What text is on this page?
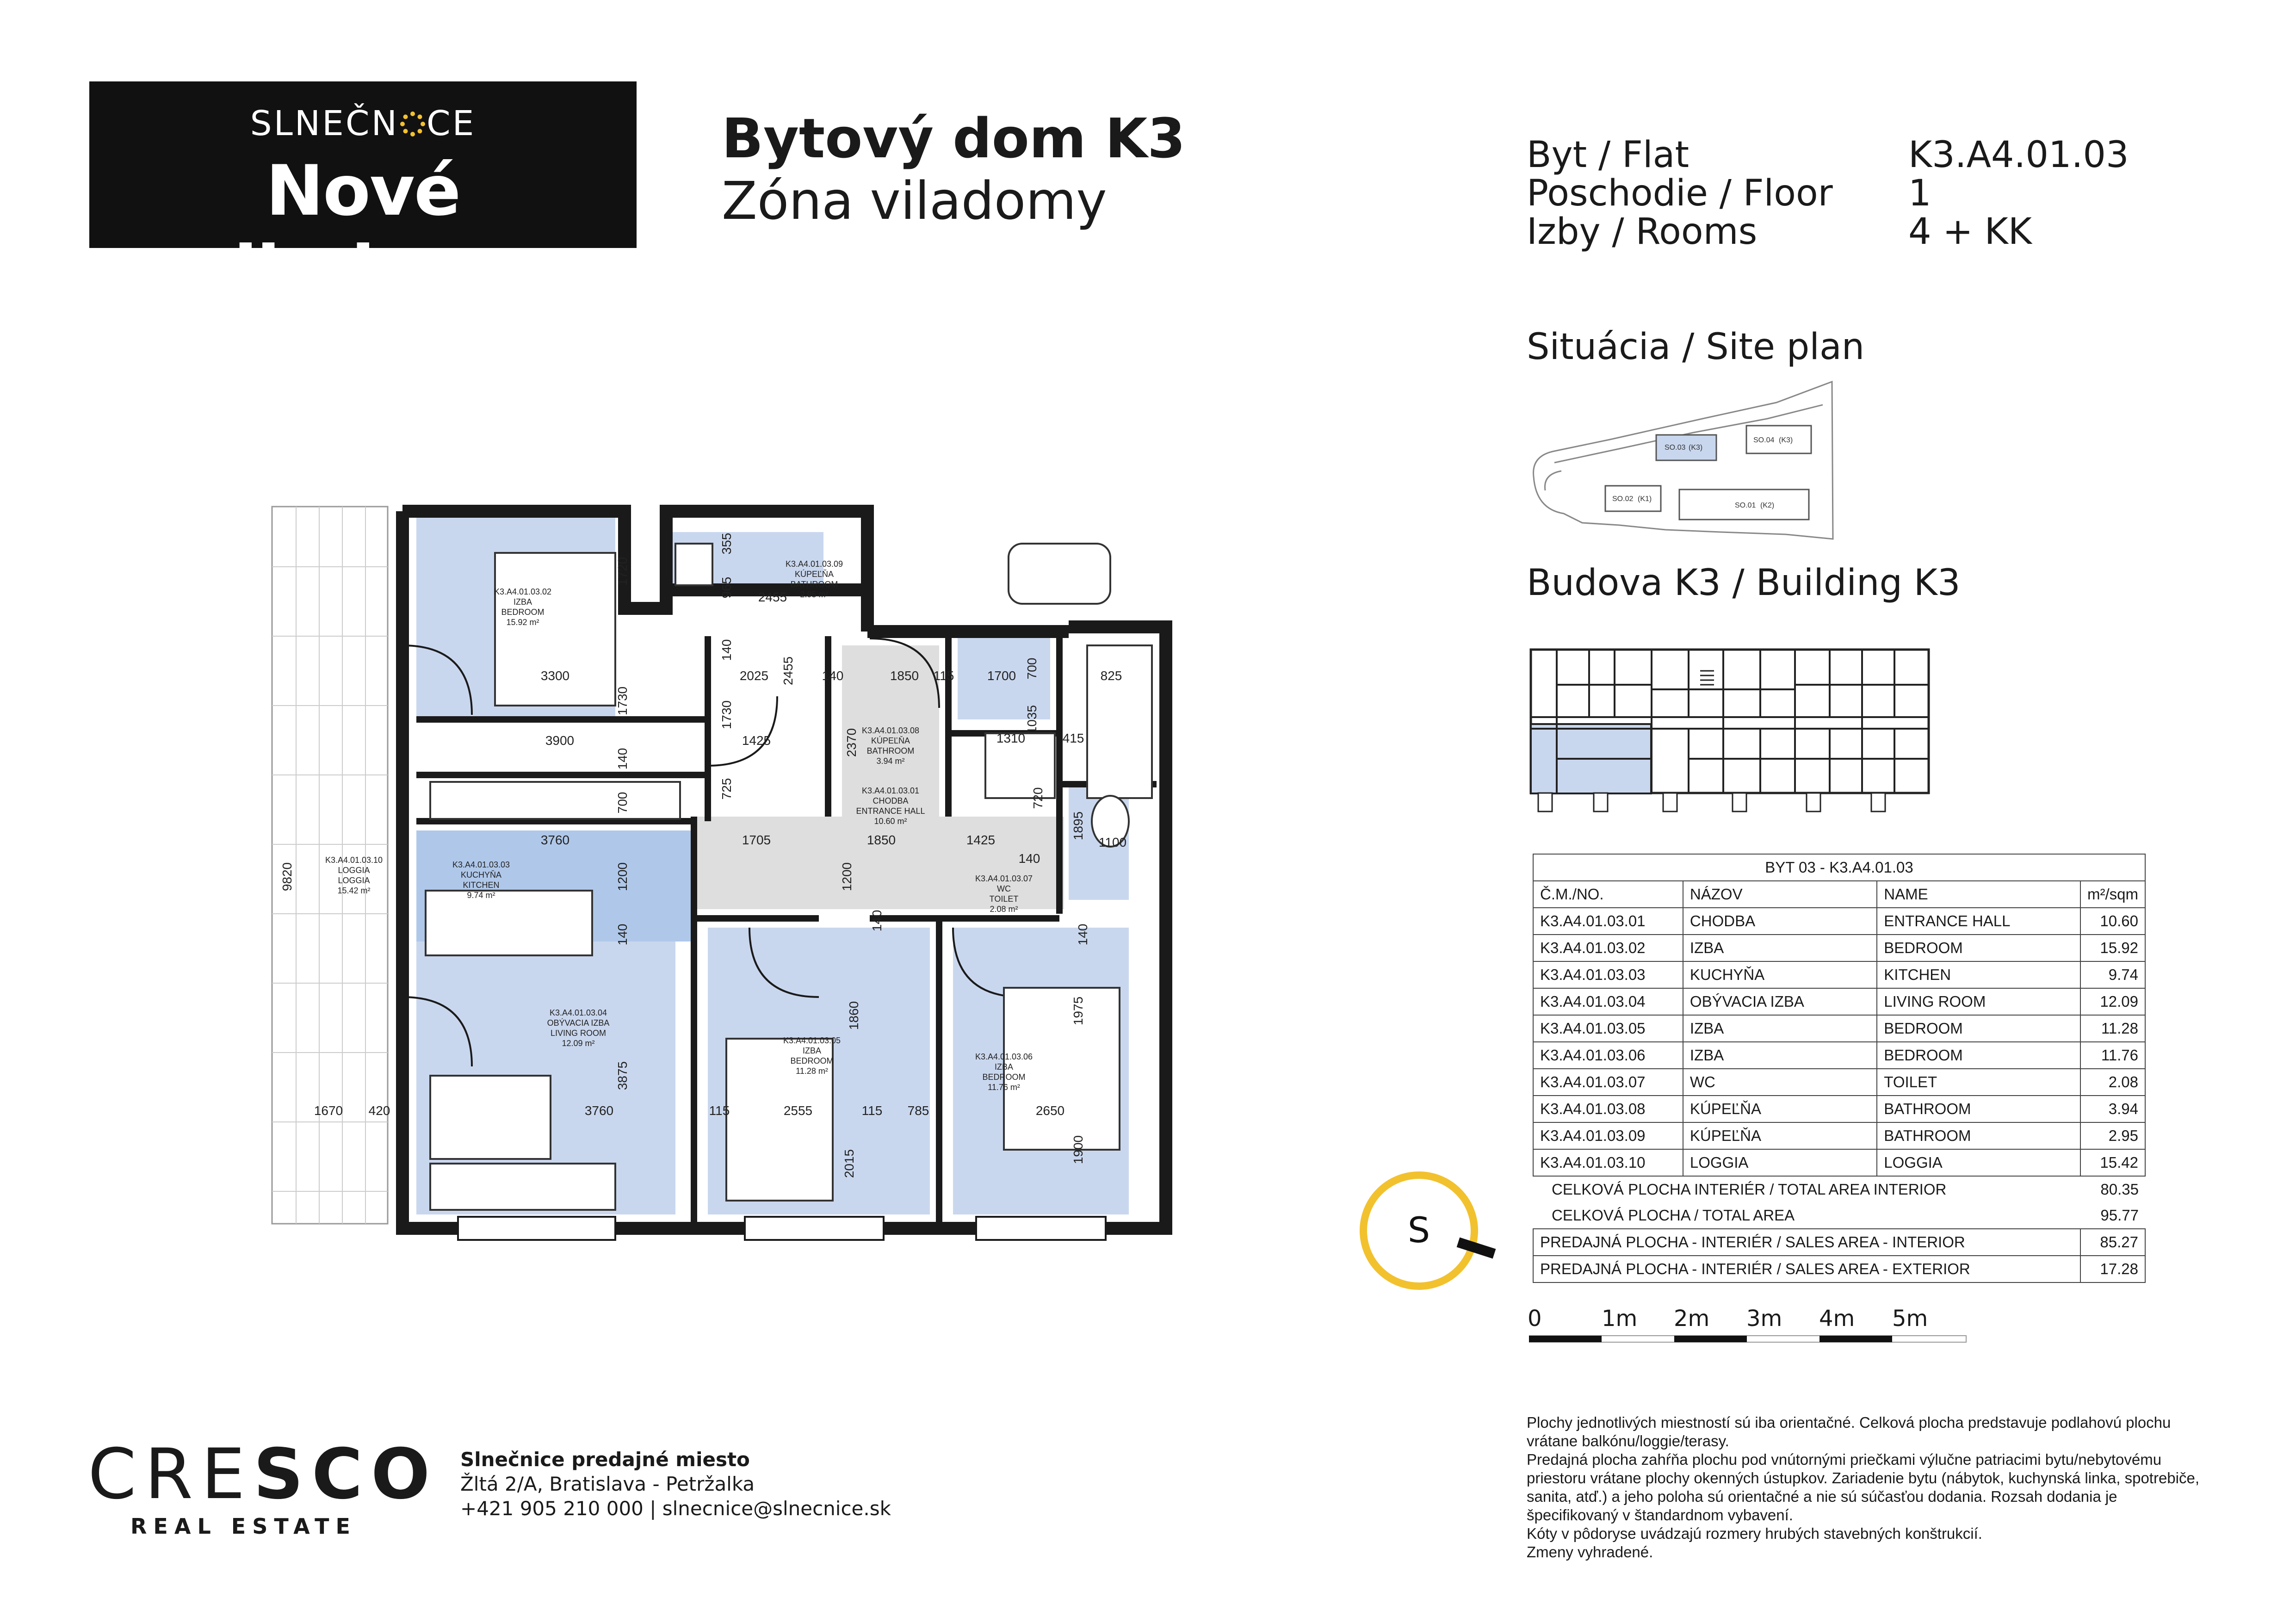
SLNEČN CE
Nové viladomy
Bytový dom K3
Zóna viladomy
Byt / Flat	K3.A4.01.03
Poschodie / Floor 1
Izby / Rooms	4 + KK
Situácia / Site plan
SO.03 (K3)
SO.04 (K3)
SO.02 (K1)
SO.01 (K2)
Budova K3 / Building K3
BYT 03 - K3.A4.01.03			
Č.M./NO.	NÁZOV	NAME	m²/sqm
K3.A4.01.03.01	CHODBA	ENTRANCE HALL	10.60
K3.A4.01.03.02	IZBA	BEDROOM	15.92
K3.A4.01.03.03	KUCHYŇA	KITCHEN	9.74
K3.A4.01.03.04	OBÝVACIA IZBA	LIVING ROOM	12.09
K3.A4.01.03.05	IZBA	BEDROOM	11.28
K3.A4.01.03.06	IZBA	BEDROOM	11.76
K3.A4.01.03.07	WC	TOILET	2.08
K3.A4.01.03.08	KÚPEĽŇA	BATHROOM	3.94
K3.A4.01.03.09	KÚPEĽŇA	BATHROOM	2.95
K3.A4.01.03.10	LOGGIA	LOGGIA	15.42
CELKOVÁ PLOCHA INTERIÉR / TOTAL AREA INTERIOR			80.35
CELKOVÁ PLOCHA / TOTAL AREA			95.77
PREDAJNÁ PLOCHA - INTERIÉR / SALES AREA - INTERIOR			85.27
PREDAJNÁ PLOCHA - INTERIÉR / SALES AREA - EXTERIOR			17.28
S
0	1m 2m 3m 4m 5m
K3.A4.01.03.02
IZBA
BEDROOM
15.92 m²
K3.A4.01.03.09
KÚPEĽŇA
BATHROOM
2.95 m²
K3.A4.01.03.08
KÚPEĽŇA
BATHROOM
3.94 m²
K3.A4.01.03.01
CHODBA
ENTRANCE HALL
10.60 m²
K3.A4.01.03.10
LOGGIA
LOGGIA
15.42 m²
K3.A4.01.03.03
KUCHYŇA
KITCHEN
9.74 m²
K3.A4.01.03.07
WC
TOILET
2.08 m²
K3.A4.01.03.04
OBÝVACIA IZBA
LIVING ROOM
12.09 m²	K3.A4.01.03.05
IZBA
BEDROOM
11.28 m²
K3.A4.01.03.06
IZBA
BEDROOM
11.76 m²
1720
355
965 2455
140
2025 2455 140	1850 115	1700 700	825
3300
1730	1730
2370
1035
415
1310
3900	1425
140
725
700	720
1895
3760	1705	1850	1425
140
1100
9820	1200	1200
140
140
140
1860	1975
3875
1670 420	3760	115	2555	115 785	2650
2015	1900
CRESCO
REAL ESTATE
Slnečnice predajné miesto
Žltá 2/A, Bratislava - Petržalka
+421 905 210 000 | slnecnice@slnecnice.sk
Plochy jednotlivých miestností sú iba orientačné. Celková plocha predstavuje podlahovú plochu vrátane balkónu/loggie/terasy.
Predajná plocha zahŕňa plochu pod vnútornými priečkami výlučne patriacimi bytu/nebytovému priestoru vrátane plochy okenných ústupkov. Zariadenie bytu (nábytok, kuchynská linka, spotrebiče, sanita, atď.) a jeho poloha sú orientačné a nie sú súčasťou dodania. Rozsah dodania je špecifikovaný v štandardnom vybavení.
Kóty v pôdoryse uvádzajú rozmery hrubých stavebných konštrukcií.
Zmeny vyhradené.
